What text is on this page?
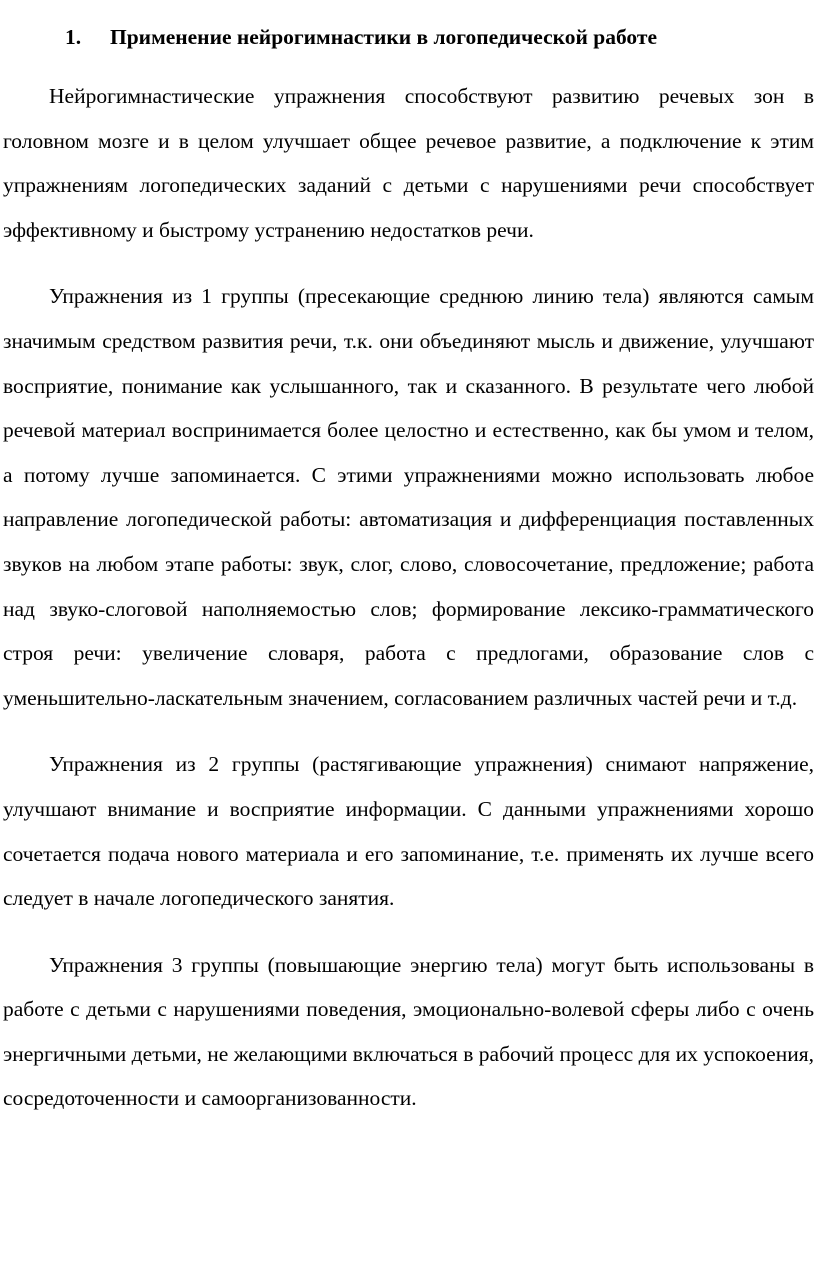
1. Применение нейрогимнастики в логопедической работе

Нейрогимнастические упражнения способствуют развитию речевых зон в головном мозге и в целом улучшает общее речевое развитие, а подключение к этим упражнениям логопедических заданий с детьми с нарушениями речи способствует эффективному и быстрому устранению недостатков речи.

Упражнения из 1 группы (пресекающие среднюю линию тела) являются самым значимым средством развития речи, т.к. они объединяют мысль и движение, улучшают восприятие, понимание как услышанного, так и сказанного. В результате чего любой речевой материал воспринимается более целостно и естественно, как бы умом и телом, а потому лучше запоминается. С этими упражнениями можно использовать любое направление логопедической работы: автоматизация и дифференциация поставленных звуков на любом этапе работы: звук, слог, слово, словосочетание, предложение; работа над звуко-слоговой наполняемостью слов; формирование лексико-грамматического строя речи: увеличение словаря, работа с предлогами, образование слов с уменьшительно-ласкательным значением, согласованием различных частей речи и т.д.

Упражнения из 2 группы (растягивающие упражнения) снимают напряжение, улучшают внимание и восприятие информации. С данными упражнениями хорошо сочетается подача нового материала и его запоминание, т.е. применять их лучше всего следует в начале логопедического занятия.

Упражнения 3 группы (повышающие энергию тела) могут быть использованы в работе с детьми с нарушениями поведения, эмоционально-волевой сферы либо с очень энергичными детьми, не желающими включаться в рабочий процесс для их успокоения, сосредоточенности и самоорганизованности.
